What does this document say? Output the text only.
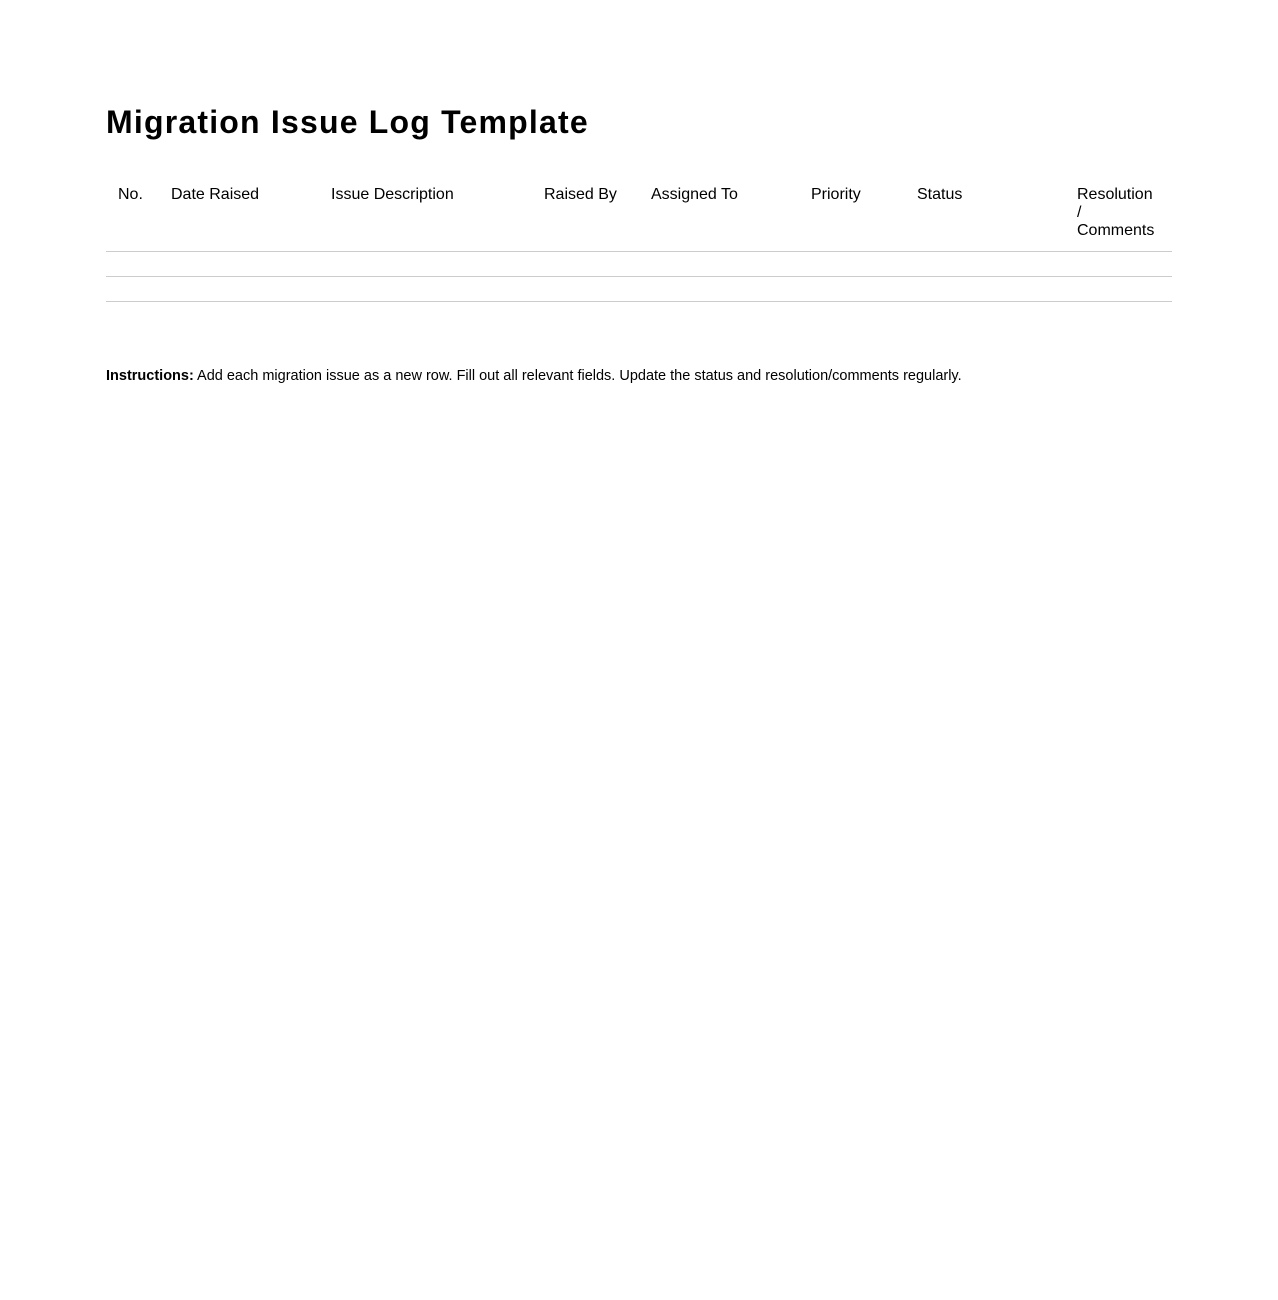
Migration Issue Log Template
No.	Date Raised	Issue Description	Raised By	Assigned To	Priority	Status	Resolution / Comments

Instructions: Add each migration issue as a new row. Fill out all relevant fields. Update the status and resolution/comments regularly.
